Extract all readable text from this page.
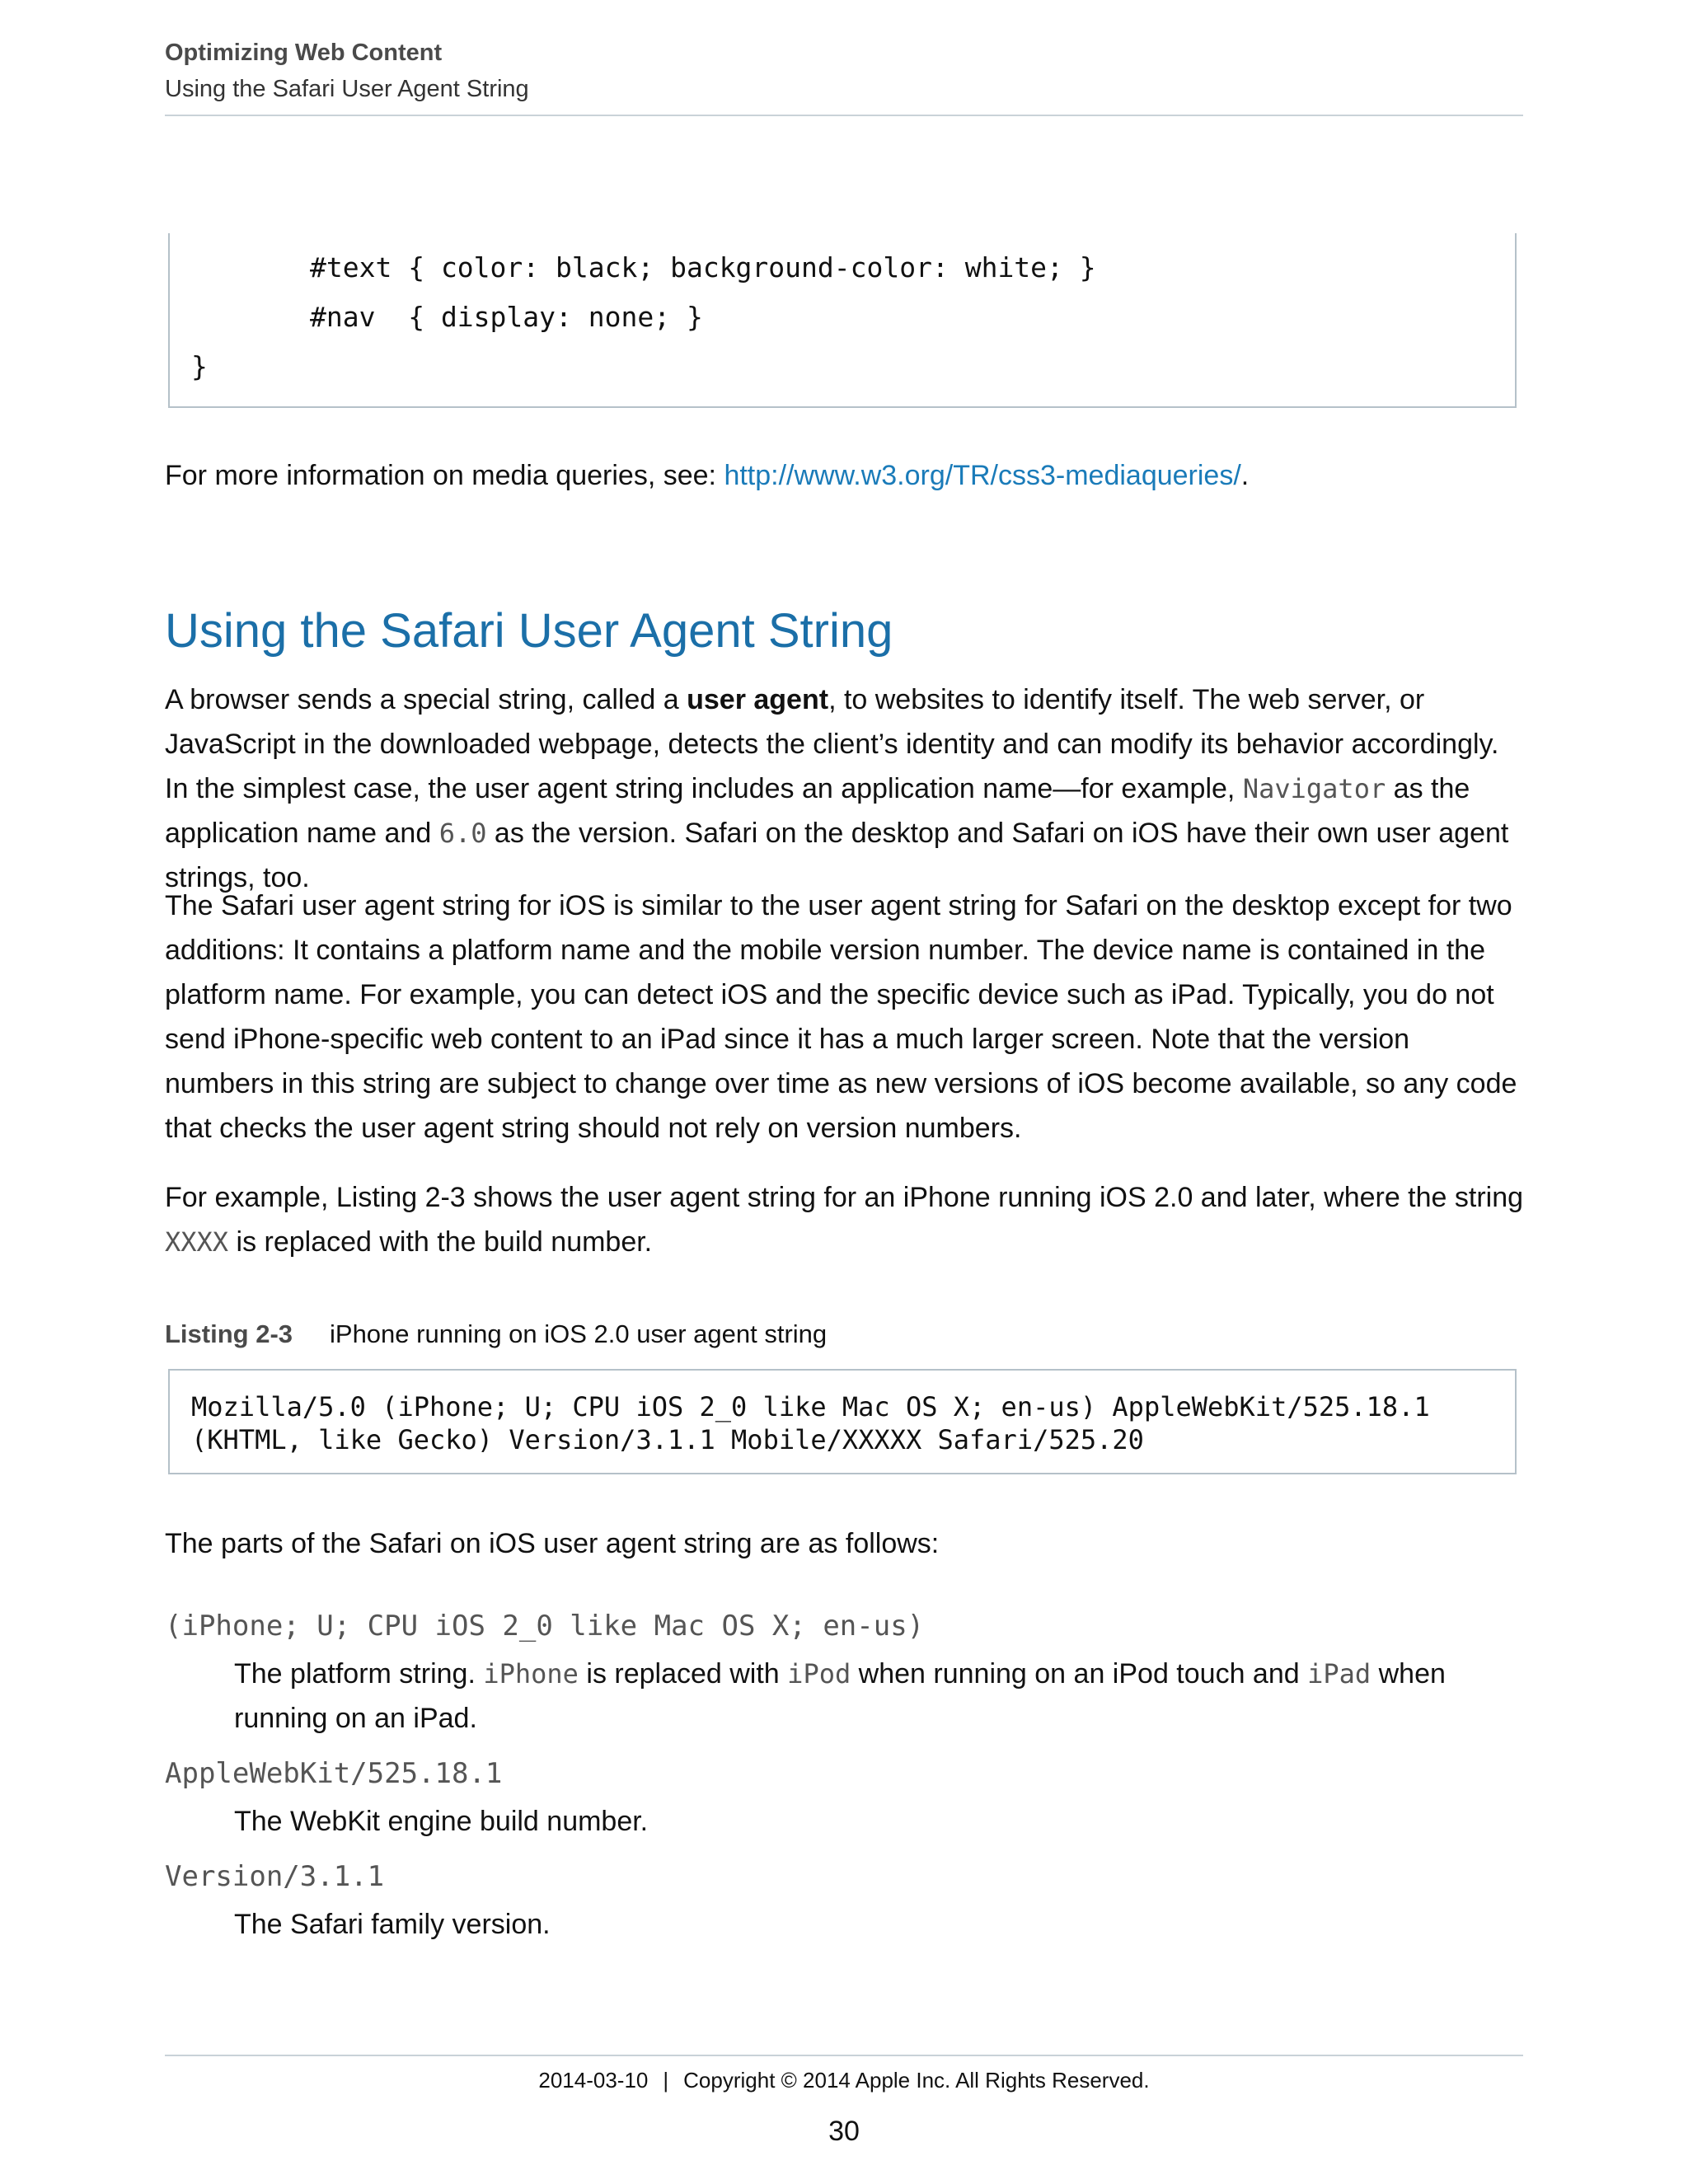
Optimizing Web Content
Using the Safari User Agent String
#text { color: black; background-color: white; }
#nav  { display: none; }
}
For more information on media queries, see: http://www.w3.org/TR/css3-mediaqueries/.
Using the Safari User Agent String
A browser sends a special string, called a user agent, to websites to identify itself. The web server, or JavaScript in the downloaded webpage, detects the client’s identity and can modify its behavior accordingly. In the simplest case, the user agent string includes an application name—for example, Navigator as the application name and 6.0 as the version. Safari on the desktop and Safari on iOS have their own user agent strings, too.
The Safari user agent string for iOS is similar to the user agent string for Safari on the desktop except for two additions: It contains a platform name and the mobile version number. The device name is contained in the platform name. For example, you can detect iOS and the specific device such as iPad. Typically, you do not send iPhone-specific web content to an iPad since it has a much larger screen. Note that the version numbers in this string are subject to change over time as new versions of iOS become available, so any code that checks the user agent string should not rely on version numbers.
For example, Listing 2-3 shows the user agent string for an iPhone running iOS 2.0 and later, where the string XXXX is replaced with the build number.
Listing 2-3 iPhone running on iOS 2.0 user agent string
Mozilla/5.0 (iPhone; U; CPU iOS 2_0 like Mac OS X; en-us) AppleWebKit/525.18.1
(KHTML, like Gecko) Version/3.1.1 Mobile/XXXXX Safari/525.20
The parts of the Safari on iOS user agent string are as follows:
(iPhone; U; CPU iOS 2_0 like Mac OS X; en-us)
The platform string. iPhone is replaced with iPod when running on an iPod touch and iPad when running on an iPad.
AppleWebKit/525.18.1
The WebKit engine build number.
Version/3.1.1
The Safari family version.
2014-03-10 | Copyright © 2014 Apple Inc. All Rights Reserved.
30
